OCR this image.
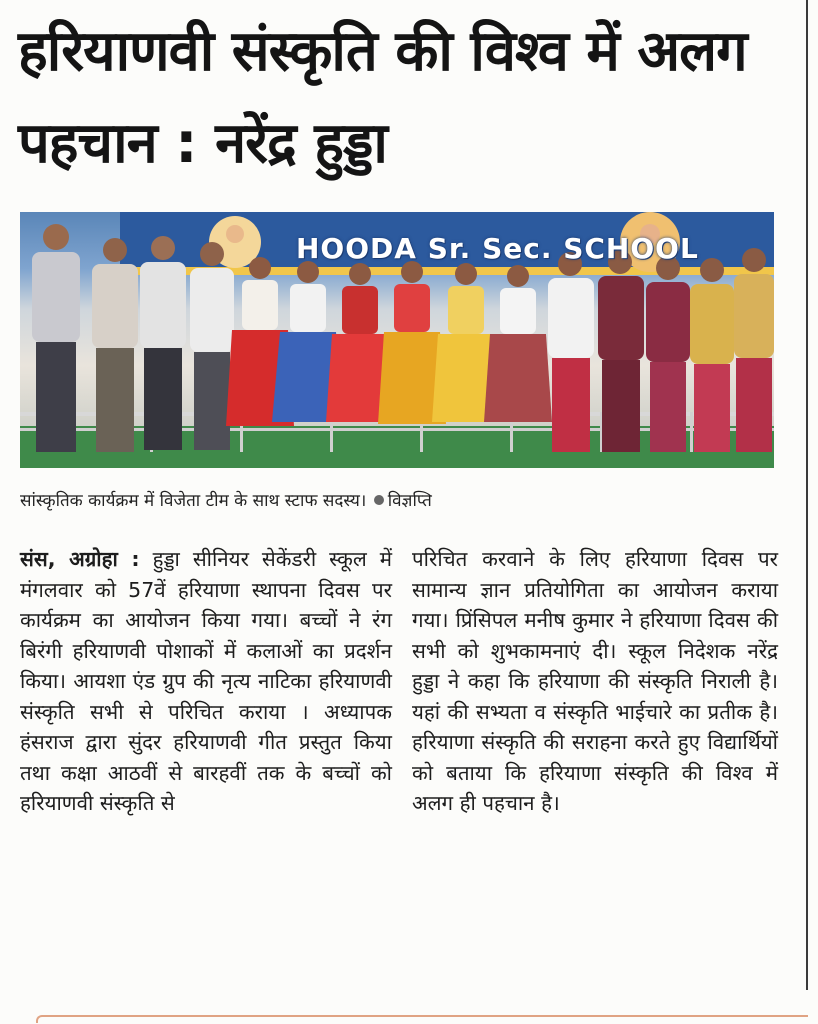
हरियाणवी संस्कृति की विश्व में अलग पहचान : नरेंद्र हुड्डा
HOODA Sr. Sec. SCHOOL
सांस्कृतिक कार्यक्रम में विजेता टीम के साथ स्टाफ सदस्य। विज्ञप्ति

संस, अग्रोहा : हुड्डा सीनियर सेकेंडरी स्कूल में मंगलवार को 57वें हरियाणा स्थापना दिवस पर कार्यक्रम का आयोजन किया गया। बच्चों ने रंग बिरंगी हरियाणवी पोशाकों में कलाओं का प्रदर्शन किया। आयशा एंड ग्रुप की नृत्य नाटिका हरियाणवी संस्कृति सभी से परिचित कराया । अध्यापक हंसराज द्वारा सुंदर हरियाणवी गीत प्रस्तुत किया तथा कक्षा आठवीं से बारहवीं तक के बच्चों को हरियाणवी संस्कृति से

परिचित करवाने के लिए हरियाणा दिवस पर सामान्य ज्ञान प्रतियोगिता का आयोजन कराया गया। प्रिंसिपल मनीष कुमार ने हरियाणा दिवस की सभी को शुभकामनाएं दी। स्कूल निदेशक नरेंद्र हुड्डा ने कहा कि हरियाणा की संस्कृति निराली है। यहां की सभ्यता व संस्कृति भाईचारे का प्रतीक है। हरियाणा संस्कृति की सराहना करते हुए विद्यार्थियों को बताया कि हरियाणा संस्कृति की विश्व में अलग ही पहचान है।
